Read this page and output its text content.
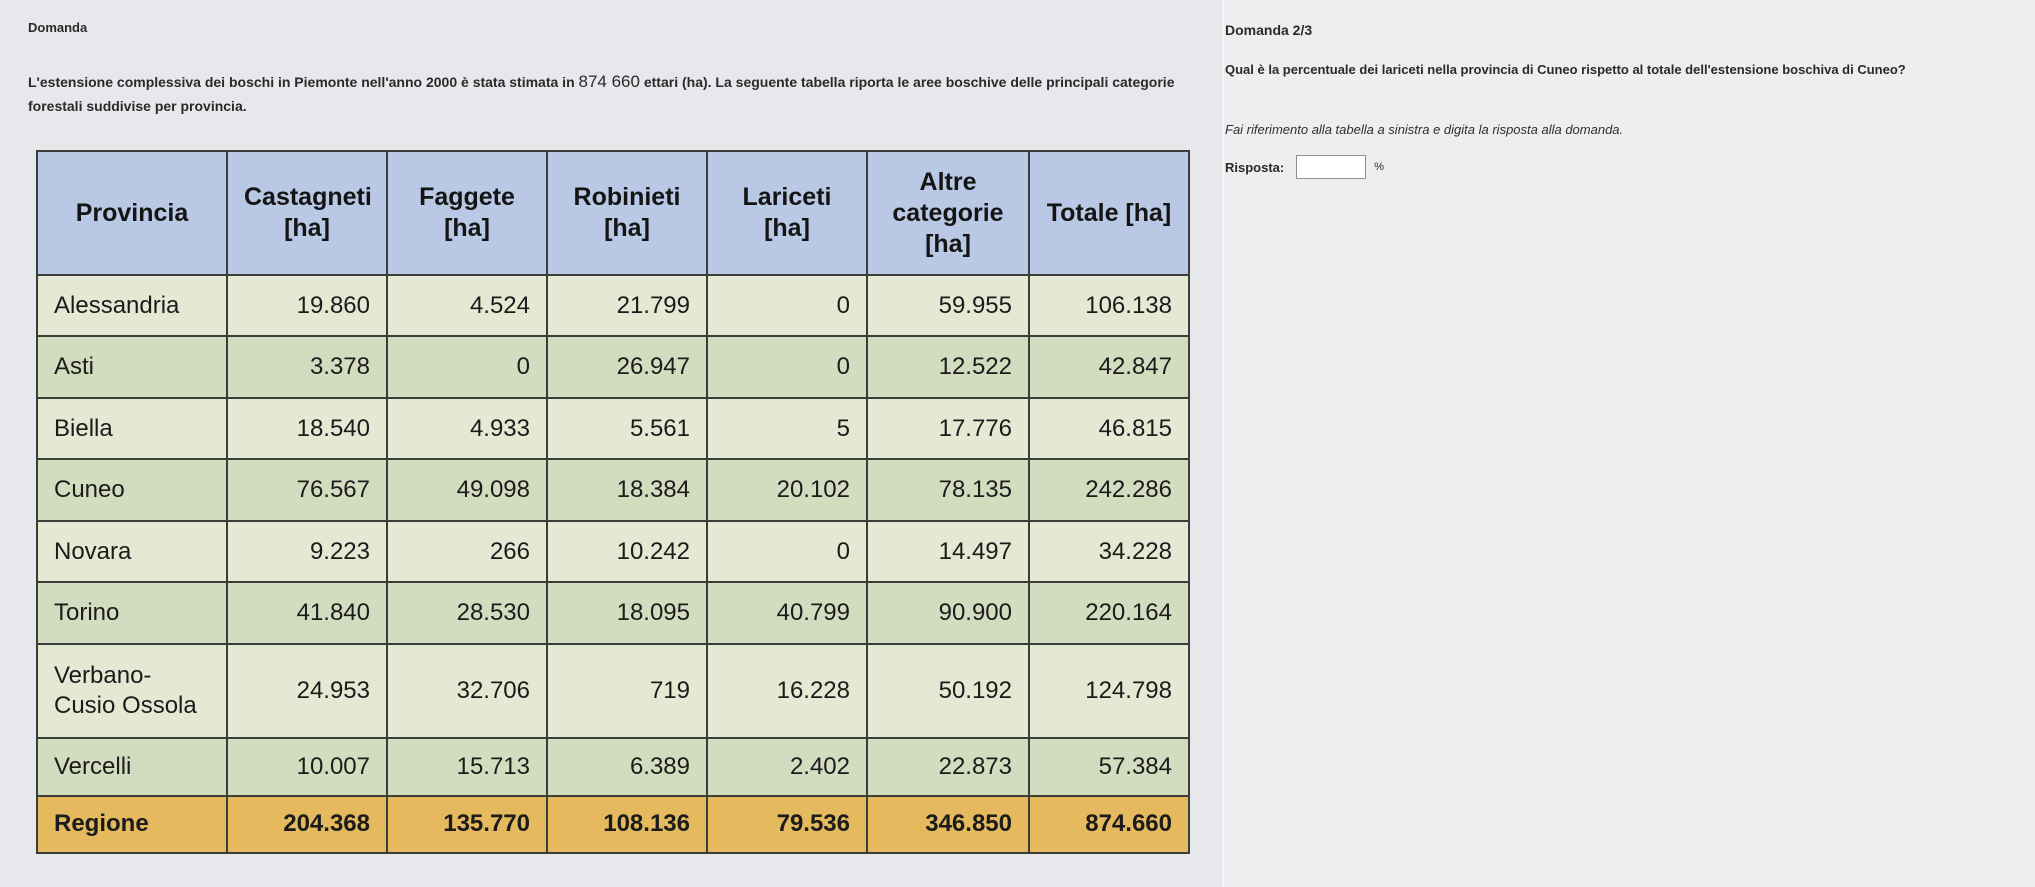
Domanda
L'estensione complessiva dei boschi in Piemonte nell'anno 2000 è stata stimata in 874 660 ettari (ha). La seguente tabella riporta le aree boschive delle principali categorie forestali suddivise per provincia.
Provincia	Castagneti [ha]	Faggete [ha]	Robinieti [ha]	Lariceti [ha]	Altre categorie [ha]	Totale [ha]
Alessandria	19.860	4.524	21.799	0	59.955	106.138
Asti	3.378	0	26.947	0	12.522	42.847
Biella	18.540	4.933	5.561	5	17.776	46.815
Cuneo	76.567	49.098	18.384	20.102	78.135	242.286
Novara	9.223	266	10.242	0	14.497	34.228
Torino	41.840	28.530	18.095	40.799	90.900	220.164
Verbano-Cusio Ossola	24.953	32.706	719	16.228	50.192	124.798
Vercelli	10.007	15.713	6.389	2.402	22.873	57.384
Regione	204.368	135.770	108.136	79.536	346.850	874.660
Domanda 2/3
Qual è la percentuale dei lariceti nella provincia di Cuneo rispetto al totale dell'estensione boschiva di Cuneo?
Fai riferimento alla tabella a sinistra e digita la risposta alla domanda.
Risposta:	%
